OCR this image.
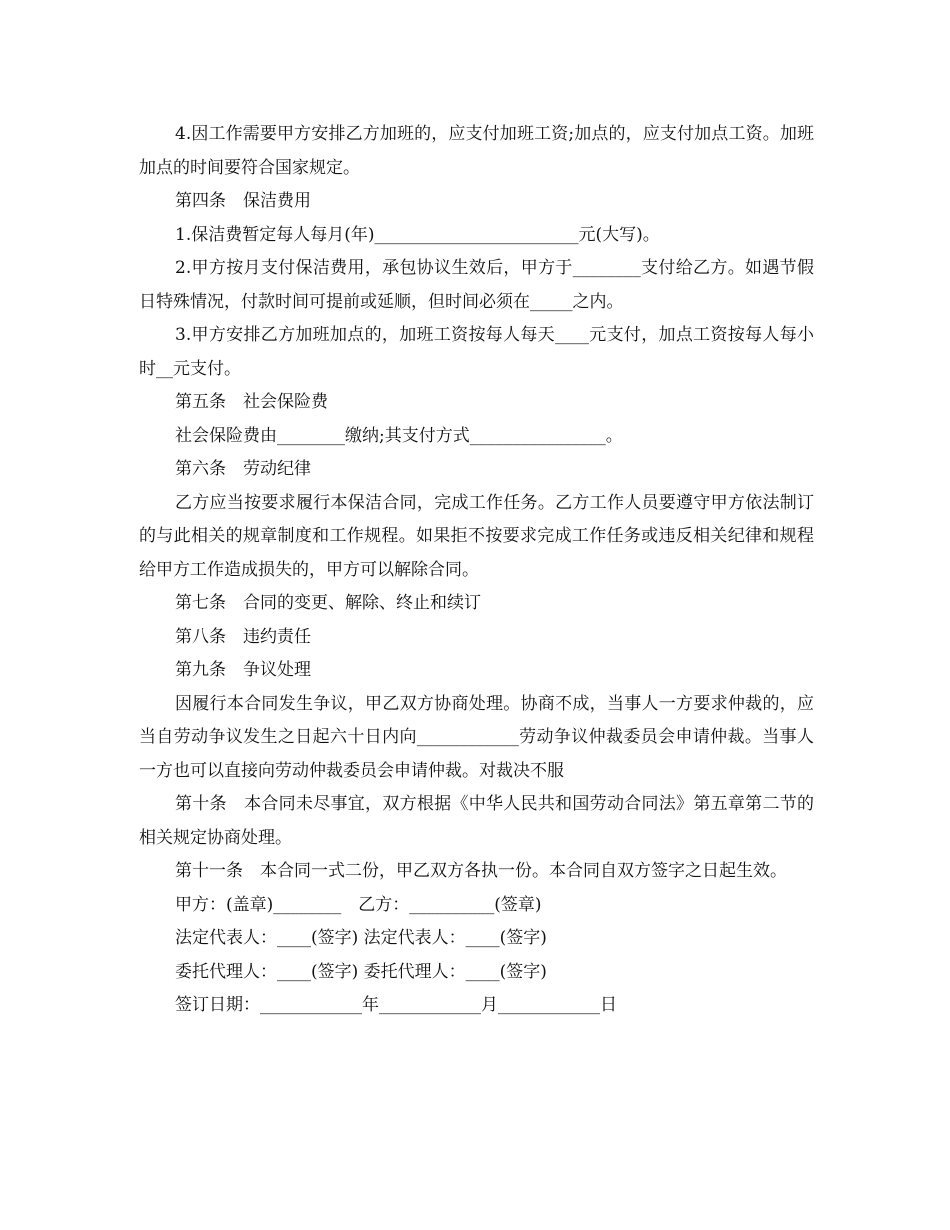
4.因工作需要甲方安排乙方加班的，应支付加班工资;加点的，应支付加点工资。加班加点的时间要符合国家规定。

第四条　保洁费用

1.保洁费暂定每人每月(年)________________________元(大写)。

2.甲方按月支付保洁费用，承包协议生效后，甲方于________支付给乙方。如遇节假日特殊情况，付款时间可提前或延顺，但时间必须在_____之内。

3.甲方安排乙方加班加点的，加班工资按每人每天____元支付，加点工资按每人每小时__元支付。

第五条　社会保险费

社会保险费由________缴纳;其支付方式________________。

第六条　劳动纪律

乙方应当按要求履行本保洁合同，完成工作任务。乙方工作人员要遵守甲方依法制订的与此相关的规章制度和工作规程。如果拒不按要求完成工作任务或违反相关纪律和规程给甲方工作造成损失的，甲方可以解除合同。

第七条　合同的变更、解除、终止和续订

第八条　违约责任

第九条　争议处理

因履行本合同发生争议，甲乙双方协商处理。协商不成，当事人一方要求仲裁的，应当自劳动争议发生之日起六十日内向____________劳动争议仲裁委员会申请仲裁。当事人一方也可以直接向劳动仲裁委员会申请仲裁。对裁决不服

第十条　本合同未尽事宜，双方根据《中华人民共和国劳动合同法》第五章第二节的相关规定协商处理。

第十一条　本合同一式二份，甲乙双方各执一份。本合同自双方签字之日起生效。

甲方：(盖章)________　乙方：__________(签章)

法定代表人：____(签字) 法定代表人：____(签字)

委托代理人：____(签字) 委托代理人：____(签字)

签订日期：____________年____________月____________日
